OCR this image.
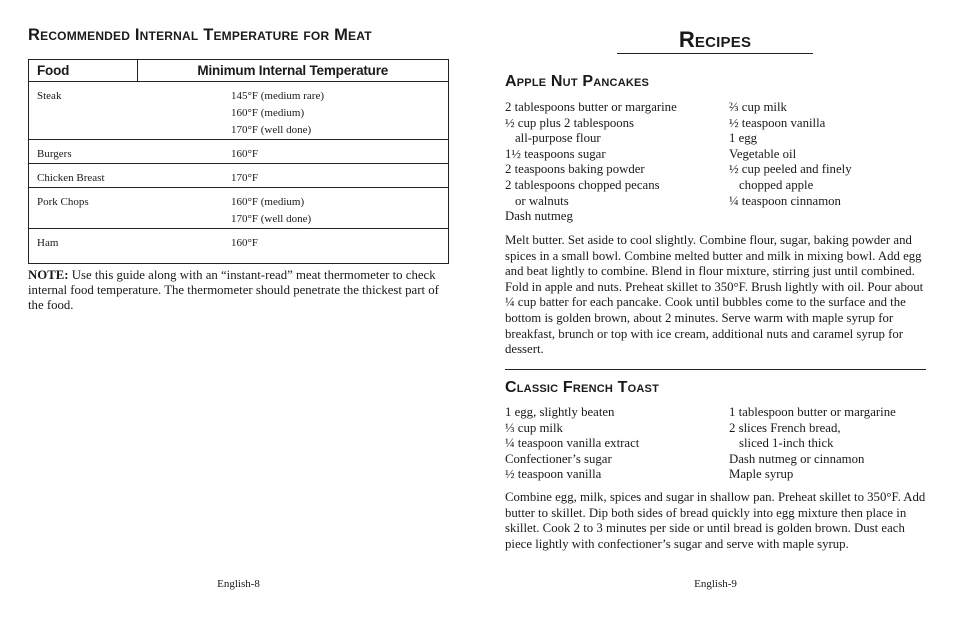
Recommended Internal Temperature for Meat
Food	Minimum Internal Temperature
Steak	145°F (medium rare)
160°F (medium)
170°F (well done)

Burgers	160°F

Chicken Breast	170°F

Pork Chops	160°F (medium)
170°F (well done)

Ham	160°F

NOTE: Use this guide along with an “instant-read” meat thermometer to check internal food temperature. The thermometer should penetrate the thickest part of the food.

English-8
Recipes
Apple Nut Pancakes
2 tablespoons butter or margarine
½ cup plus 2 tablespoons
all-purpose flour
1½ teaspoons sugar
2 teaspoons baking powder
2 tablespoons chopped pecans
or walnuts
Dash nutmeg
⅔ cup milk
½ teaspoon vanilla
1 egg
Vegetable oil
½ cup peeled and finely
chopped apple
¼ teaspoon cinnamon

Melt butter. Set aside to cool slightly. Combine flour, sugar, baking powder and spices in a small bowl. Combine melted butter and milk in mixing bowl. Add egg and beat lightly to combine. Blend in flour mixture, stirring just until combined. Fold in apple and nuts. Preheat skillet to 350°F. Brush lightly with oil. Pour about ¼ cup batter for each pancake. Cook until bubbles come to the surface and the bottom is golden brown, about 2 minutes. Serve warm with maple syrup for breakfast, brunch or top with ice cream, additional nuts and caramel syrup for dessert.

Classic French Toast
1 egg, slightly beaten
⅓ cup milk
¼ teaspoon vanilla extract
Confectioner’s sugar
½ teaspoon vanilla
1 tablespoon butter or margarine
2 slices French bread,
sliced 1-inch thick
Dash nutmeg or cinnamon
Maple syrup

Combine egg, milk, spices and sugar in shallow pan. Preheat skillet to 350°F. Add butter to skillet. Dip both sides of bread quickly into egg mixture then place in skillet. Cook 2 to 3 minutes per side or until bread is golden brown. Dust each piece lightly with confectioner’s sugar and serve with maple syrup.

English-9
